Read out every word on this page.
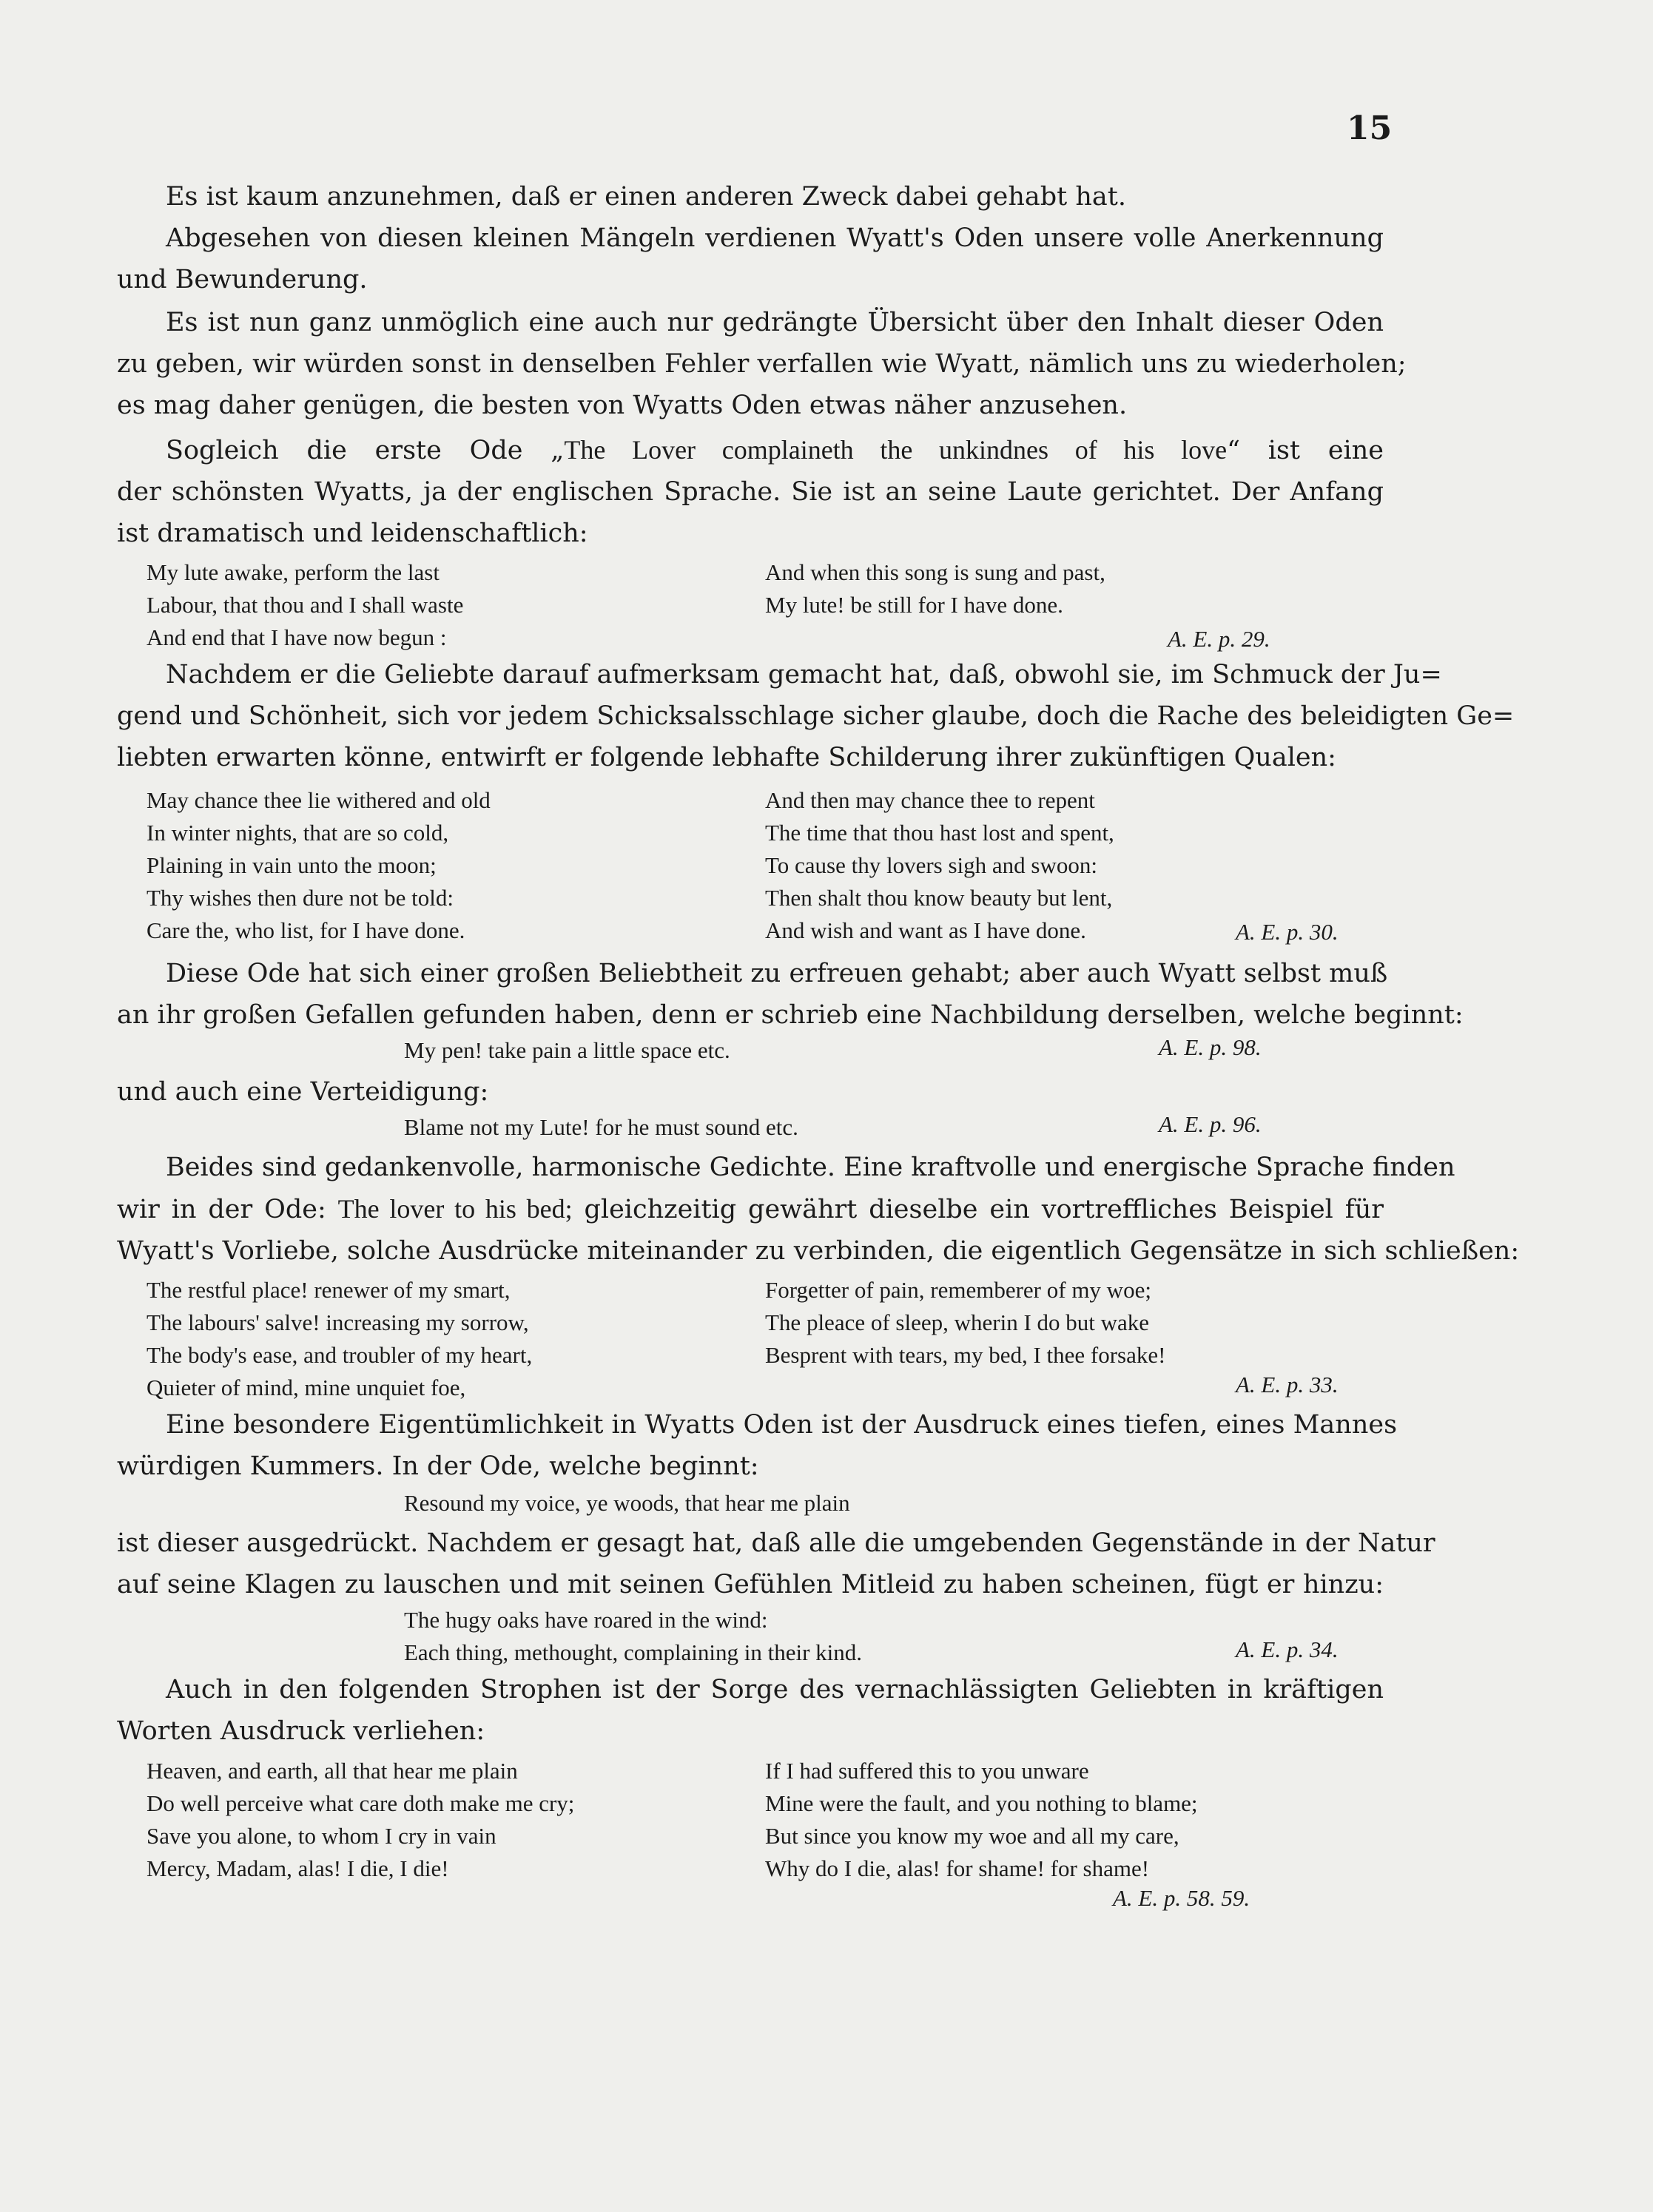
15
Es ist kaum anzunehmen, daß er einen anderen Zweck dabei gehabt hat.
Abgesehen von diesen kleinen Mängeln verdienen Wyatt's Oden unsere volle Anerkennung
und Bewunderung.
Es ist nun ganz unmöglich eine auch nur gedrängte Übersicht über den Inhalt dieser Oden
zu geben, wir würden sonst in denselben Fehler verfallen wie Wyatt, nämlich uns zu wiederholen;
es mag daher genügen, die besten von Wyatts Oden etwas näher anzusehen.
Sogleich die erste Ode „The Lover complaineth the unkindnes of his love“ ist eine
der schönsten Wyatts, ja der englischen Sprache. Sie ist an seine Laute gerichtet. Der Anfang
ist dramatisch und leidenschaftlich:
My lute awake, perform the last
Labour, that thou and I shall waste
And end that I have now begun :
And when this song is sung and past,
My lute! be still for I have done.
A. E. p. 29.
Nachdem er die Geliebte darauf aufmerksam gemacht hat, daß, obwohl sie, im Schmuck der Ju=
gend und Schönheit, sich vor jedem Schicksalsschlage sicher glaube, doch die Rache des beleidigten Ge=
liebten erwarten könne, entwirft er folgende lebhafte Schilderung ihrer zukünftigen Qualen:
May chance thee lie withered and old
In winter nights, that are so cold,
Plaining in vain unto the moon;
Thy wishes then dure not be told:
Care the, who list, for I have done.
And then may chance thee to repent
The time that thou hast lost and spent,
To cause thy lovers sigh and swoon:
Then shalt thou know beauty but lent,
And wish and want as I have done.	A. E. p. 30.
Diese Ode hat sich einer großen Beliebtheit zu erfreuen gehabt; aber auch Wyatt selbst muß
an ihr großen Gefallen gefunden haben, denn er schrieb eine Nachbildung derselben, welche beginnt:
My pen! take pain a little space etc.	A. E. p. 98.
und auch eine Verteidigung:
Blame not my Lute! for he must sound etc.	A. E. p. 96.
Beides sind gedankenvolle, harmonische Gedichte. Eine kraftvolle und energische Sprache finden
wir in der Ode: The lover to his bed; gleichzeitig gewährt dieselbe ein vortreffliches Beispiel für
Wyatt's Vorliebe, solche Ausdrücke miteinander zu verbinden, die eigentlich Gegensätze in sich schließen:
The restful place! renewer of my smart,
The labours' salve! increasing my sorrow,
The body's ease, and troubler of my heart,
Quieter of mind, mine unquiet foe,
Forgetter of pain, rememberer of my woe;
The pleace of sleep, wherin I do but wake
Besprent with tears, my bed, I thee forsake!
A. E. p. 33.
Eine besondere Eigentümlichkeit in Wyatts Oden ist der Ausdruck eines tiefen, eines Mannes
würdigen Kummers. In der Ode, welche beginnt:
Resound my voice, ye woods, that hear me plain
ist dieser ausgedrückt. Nachdem er gesagt hat, daß alle die umgebenden Gegenstände in der Natur
auf seine Klagen zu lauschen und mit seinen Gefühlen Mitleid zu haben scheinen, fügt er hinzu:
The hugy oaks have roared in the wind:
Each thing, methought, complaining in their kind.	A. E. p. 34.
Auch in den folgenden Strophen ist der Sorge des vernachlässigten Geliebten in kräftigen
Worten Ausdruck verliehen:
Heaven, and earth, all that hear me plain
Do well perceive what care doth make me cry;
Save you alone, to whom I cry in vain
Mercy, Madam, alas! I die, I die!
If I had suffered this to you unware
Mine were the fault, and you nothing to blame;
But since you know my woe and all my care,
Why do I die, alas! for shame! for shame!
A. E. p. 58. 59.
